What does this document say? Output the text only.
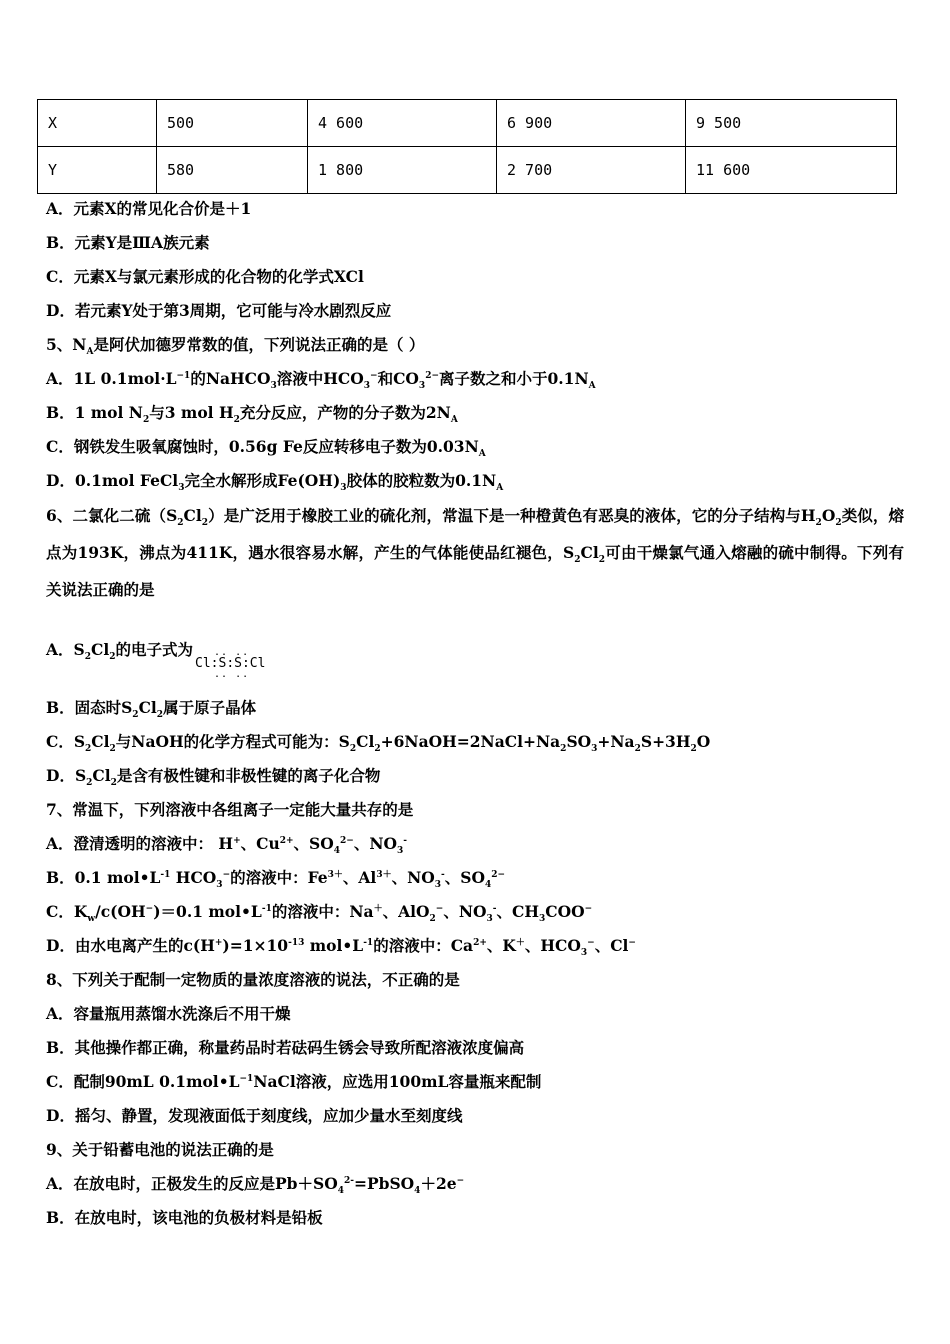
X	500	4 600	6 900	9 500
Y	580	1 800	2 700	11 600
A．元素X的常见化合价是＋1
B．元素Y是ⅢA族元素
C．元素X与氯元素形成的化合物的化学式XCl
D．若元素Y处于第3周期，它可能与冷水剧烈反应
5、$N_A$是阿伏加德罗常数的值，下列说法正确的是（ ）
A．1L $0.1mol\cdot L^{-1}$的NaHCO$_3$溶液中$HCO_3^-$和$CO_3^{2-}$离子数之和小于$0.1N_A$
B．1 mol $N_2$与3 mol $H_2$充分反应，产物的分子数为$2N_A$
C．钢铁发生吸氧腐蚀时，0.56g Fe反应转移电子数为$0.03N_A$
D．0.1mol FeCl$_3$完全水解形成$Fe(OH)_3$胶体的胶粒数为$0.1N_A$
6、二氯化二硫$(S_2Cl_2)$是广泛用于橡胶工业的硫化剂，常温下是一种橙黄色有恶臭的液体，它的分子结构与$H_2O_2$类似，熔点为193K，沸点为411K，遇水很容易水解，产生的气体能使品红褪色，$S_2Cl_2$可由干燥氯气通入熔融的硫中制得。下列有关说法正确的是
A．$S_2Cl_2$的电子式为 .. ..
Cl:S:S:Cl
.. ..
B．固态时$S_2Cl_2$属于原子晶体
C．$S_2Cl_2$与NaOH的化学方程式可能为：$S_2Cl_2+6NaOH=2NaCl+Na_2SO_3+Na_2S+3H_2O$
D．$S_2Cl_2$是含有极性键和非极性键的离子化合物
7、常温下，下列溶液中各组离子一定能大量共存的是
A．澄清透明的溶液中： H+、$Cu^{2+}$、$SO_4^{2-}$、$NO_3^-$
B．0.1 $mol•L^{-1}$ $HCO_3^-$的溶液中：$Fe^{3+}$、$Al^{3+}$、$NO_3^-$、$SO_4^{2-}$
C．$K_w/c(OH^-)=0.1$ $mol•L^{-1}$的溶液中：Na＋、AlO$_2$−、$NO_3^-$、$CH_3COO^-$
D．由水电离产生的$c(H^+)=1\times 10^{-13}$ $mol•L^{-1}$的溶液中：$Ca^{2+}$、K＋、$HCO_3^-$、Cl−
8、下列关于配制一定物质的量浓度溶液的说法，不正确的是
A．容量瓶用蒸馏水洗涤后不用干燥
B．其他操作都正确，称量药品时若砝码生锈会导致所配溶液浓度偏高
C．配制90mL $0.1mol•L^{-1}NaCl$溶液，应选用100mL容量瓶来配制
D．摇匀、静置，发现液面低于刻度线，应加少量水至刻度线
9、关于铅蓄电池的说法正确的是
A．在放电时，正极发生的反应是$Pb+SO_4^{2-}=PbSO_4+2e^-$
B．在放电时，该电池的负极材料是铅板
